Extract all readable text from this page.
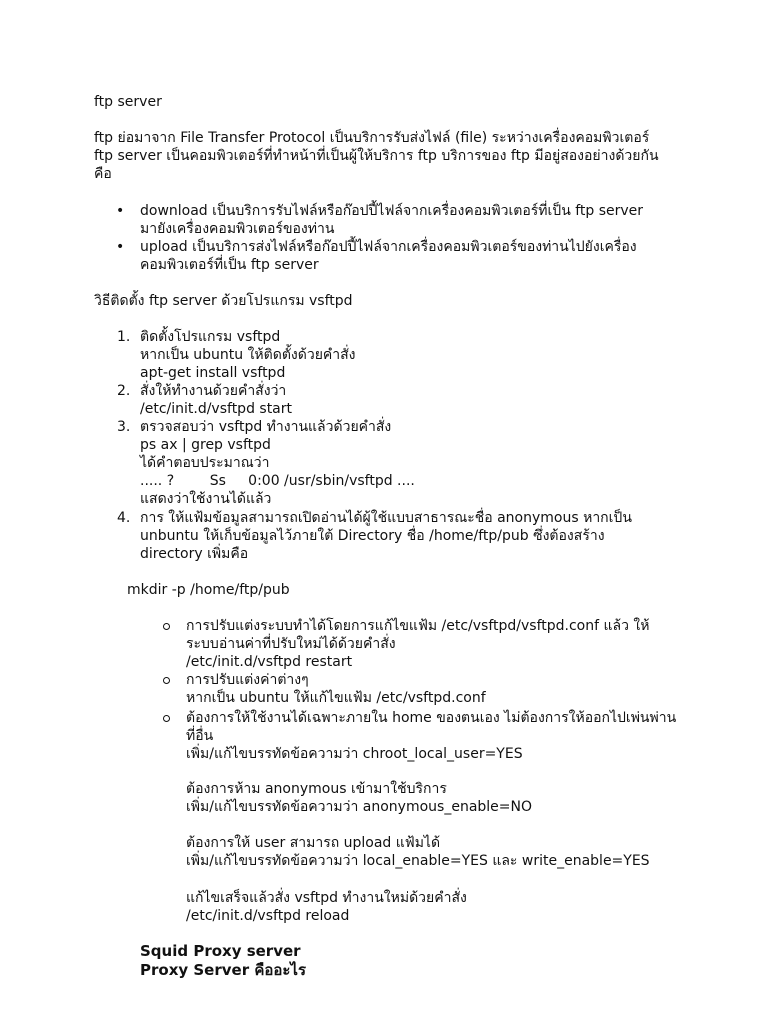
ftp server
ftp ย่อมาจาก File Transfer Protocol เป็นบริการรับส่งไฟล์ (file) ระหว่างเครื่องคอมพิวเตอร์
ftp server เป็นคอมพิวเตอร์ที่ทำหน้าที่เป็นผู้ให้บริการ ftp บริการของ ftp มีอยู่สองอย่างด้วยกัน
คือ
• download เป็นบริการรับไฟล์หรือก๊อปปี้ไฟล์จากเครื่องคอมพิวเตอร์ที่เป็น ftp server
มายังเครื่องคอมพิวเตอร์ของท่าน
• upload เป็นบริการส่งไฟล์หรือก๊อปปี้ไฟล์จากเครื่องคอมพิวเตอร์ของท่านไปยังเครื่อง
คอมพิวเตอร์ที่เป็น ftp server
วิธีติดตั้ง ftp server ด้วยโปรแกรม vsftpd
1. ติดตั้งโปรแกรม vsftpd
หากเป็น ubuntu ให้ติดตั้งด้วยคำสั่ง
apt-get install vsftpd
2. สั่งให้ทำงานด้วยคำสั่งว่า
/etc/init.d/vsftpd start
3. ตรวจสอบว่า vsftpd ทำงานแล้วด้วยคำสั่ง
ps ax | grep vsftpd
ได้คำตอบประมาณว่า
..... ?        Ss     0:00 /usr/sbin/vsftpd ....
แสดงว่าใช้งานได้แล้ว
4. การ ให้แฟ้มข้อมูลสามารถเปิดอ่านได้ผู้ใช้แบบสาธารณะชื่อ anonymous หากเป็น
unbuntu ให้เก็บข้อมูลไว้ภายใต้ Directory ชื่อ /home/ftp/pub ซึ่งต้องสร้าง
directory เพิ่มคือ
mkdir -p /home/ftp/pub
การปรับแต่งระบบทำได้โดยการแก้ไขแฟ้ม /etc/vsftpd/vsftpd.conf แล้ว ให้
ระบบอ่านค่าที่ปรับใหม่ได้ด้วยคำสั่ง
/etc/init.d/vsftpd restart
การปรับแต่งค่าต่างๆ
หากเป็น ubuntu ให้แก้ไขแฟ้ม /etc/vsftpd.conf
ต้องการให้ใช้งานได้เฉพาะภายใน home ของตนเอง ไม่ต้องการให้ออกไปเพ่นพ่าน
ที่อื่น
เพิ่ม/แก้ไขบรรทัดข้อความว่า chroot_local_user=YES
ต้องการห้าม anonymous เข้ามาใช้บริการ
เพิ่ม/แก้ไขบรรทัดข้อความว่า anonymous_enable=NO
ต้องการให้ user สามารถ upload แฟ้มได้
เพิ่ม/แก้ไขบรรทัดข้อความว่า local_enable=YES และ write_enable=YES
แก้ไขเสร็จแล้วสั่ง vsftpd ทำงานใหม่ด้วยคำสั่ง
/etc/init.d/vsftpd reload
Squid Proxy server
Proxy Server คืออะไร
